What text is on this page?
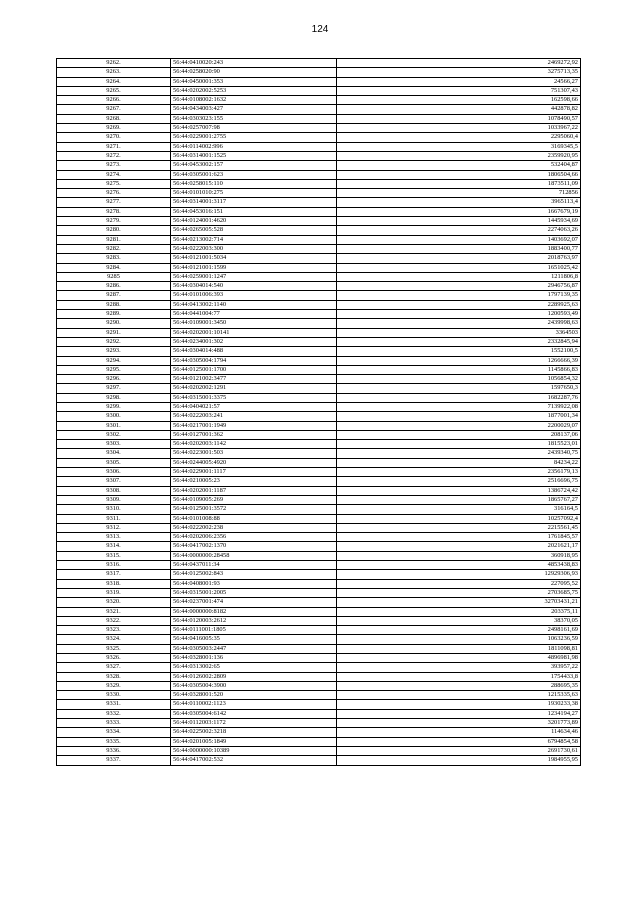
124
9262.	56:44:0410020:243	2469272,92
9263.	56:44:0258020:90	3275713,35
9264.	56:44:0450001:353	24566,27
9265.	56:44:0202002:5253	751307,43
9266.	56:44:0108002:1632	162598,66
9267.	56:44:0434003:427	442878,82
9268.	56:44:0303023:155	1078490,57
9269.	56:44:0257007:98	1033967,22
9270.	56:44:0229001:2755	2295060,4
9271.	56:44:0114002:996	3169345,5
9272.	56:44:0314001:1525	2359920,95
9273.	56:44:0453002:157	532404,87
9274.	56:44:0305001:623	1806504,66
9275.	56:44:0258015:110	1873511,09
9276.	56:44:0101010:275	712856
9277.	56:44:0314001:3117	3965113,4
9278.	56:44:0453016:151	1667679,19
9279.	56:44:0124001:4620	1445934,69
9280.	56:44:0265005:528	2274063,26
9281.	56:44:0213002:714	1403692,07
9282.	56:44:0222003:300	1883400,77
9283.	56:44:0121001:5034	2018763,97
9284.	56:44:0121001:1599	1651025,42
9285	56:44:0259001:1247	1211806,8
9286.	56:44:0304014:540	2946756,87
9287.	56:44:0101006:393	1797139,35
9288.	56:44:0413002:1140	2289925,63
9289.	56:44:0441004:77	1200593,49
9290.	56:44:0109001:3450	2439998,63
9291.	56:44:0202001:10141	3364503
9292.	56:44:0234001:302	2332845,94
9293.	56:44:0304014:488	1552100,5
9294.	56:44:0305004:1794	1266666,39
9295.	56:44:0125001:1700	1145866,83
9296.	56:44:0121002:3477	1056854,32
9297.	56:44:0202002:1291	1597650,3
9298.	56:44:0315001:3375	1682287,76
9299.	56:44:0404021:57	7139922,08
9300.	56:44:0222003:241	1877001,34
9301.	56:44:0217001:1949	2200029,07
9302.	56:44:0127001:362	208137,06
9303.	56:44:0202003:1142	1815523,01
9304.	56:44:0223001:503	2439340,75
9305.	56:44:0244005:4920	84234,22
9306.	56:44:0229001:1117	2356179,13
9307.	56:44:0210005:23	2516696,75
9308.	56:44:0202001:1187	1386724,42
9309.	56:44:0109005:269	1865767,27
9310.	56:44:0125001:3572	316164,5
9311.	56:44:0101008:88	10257092,4
9312.	56:44:0222002:238	2215561,45
9313.	56:44:0202006:2356	1761845,57
9314.	56:44:0417002:1370	2021621,17
9315.	56:44:0000000:28458	360918,95
9316.	56:44:0437011:34	4853438,83
9317.	56:44:0125002:843	12929306,93
9318.	56:44:0408001:93	227095,52
9319.	56:44:0315001:2005	2703685,75
9320.	56:44:0237001:474	32703431,21
9321.	56:44:0000000:8182	203375,11
9322.	56:44:0120003:2612	38370,05
9323.	56:44:0111001:1805	2498161,69
9324.	56:44:0416005:35	1063236,59
9325.	56:44:0305003:2447	1811098,81
9326.	56:44:0328001:136	4896981,98
9327.	56:44:0313002:65	393957,22
9328.	56:44:0126002:2809	1754433,8
9329.	56:44:0305004:3900	288695,35
9330.	56:44:0328001:520	1215335,63
9331.	56:44:0110002:1123	1930233,38
9332.	56:44:0305004:6142	1234194,27
9333.	56:44:0112003:1172	3201773,89
9334.	56:44:0225002:3218	114634,46
9335.	56:44:0201005:1849	6794854,58
9336.	56:44:0000000:10389	2691730,61
9337.	56:44:0417002:532	1984955,95
